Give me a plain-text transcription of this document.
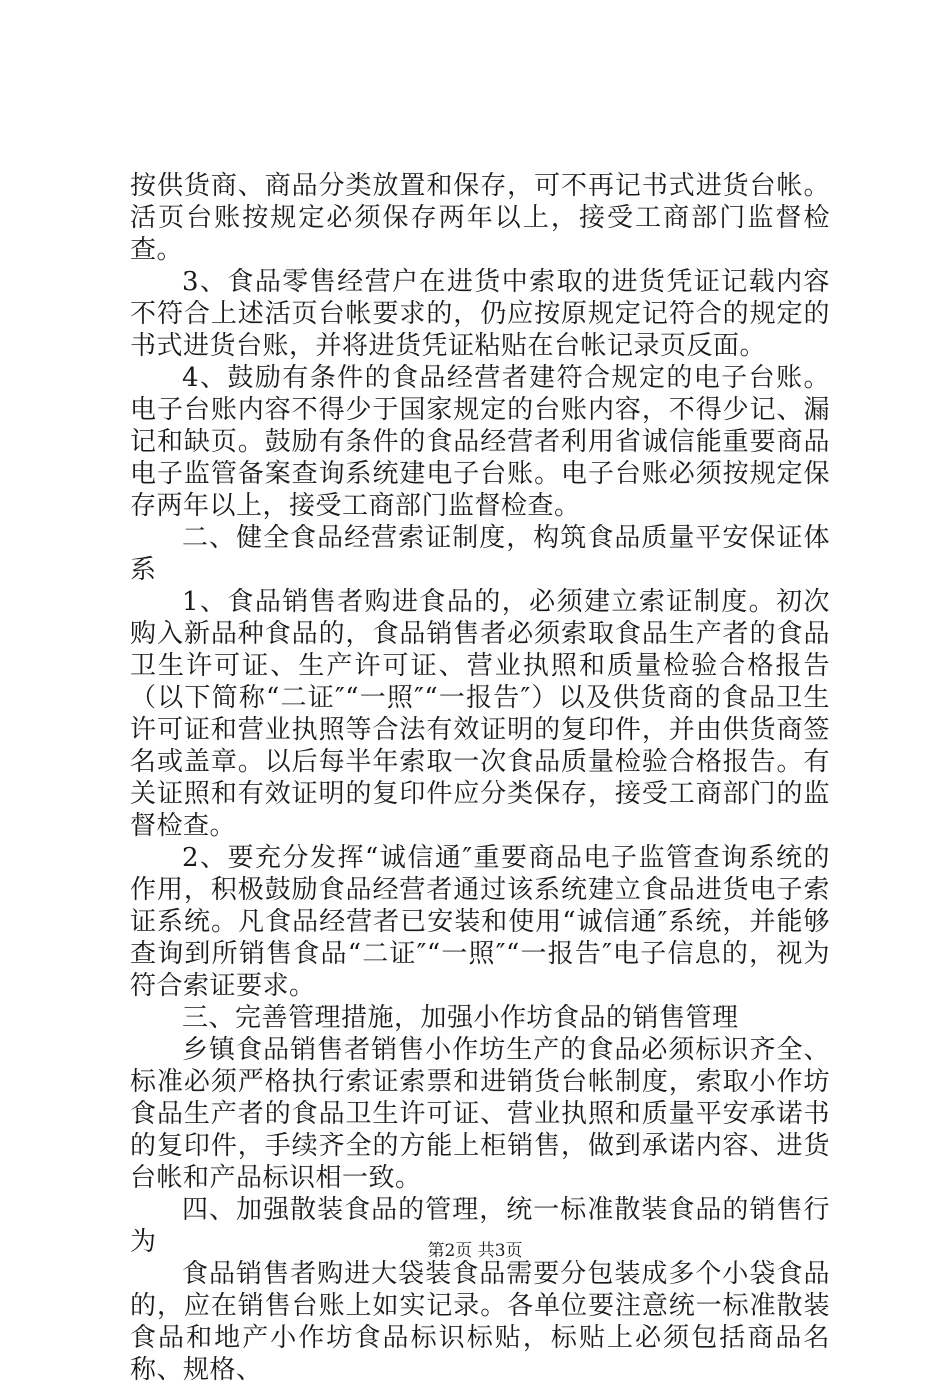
按供货商、商品分类放置和保存，可不再记书式进货台帐。活页台账按规定必须保存两年以上，接受工商部门监督检查。

3、食品零售经营户在进货中索取的进货凭证记载内容不符合上述活页台帐要求的，仍应按原规定记符合的规定的书式进货台账，并将进货凭证粘贴在台帐记录页反面。

4、鼓励有条件的食品经营者建符合规定的电子台账。电子台账内容不得少于国家规定的台账内容，不得少记、漏记和缺页。鼓励有条件的食品经营者利用省诚信能重要商品电子监管备案查询系统建电子台账。电子台账必须按规定保存两年以上，接受工商部门监督检查。

二、健全食品经营索证制度，构筑食品质量平安保证体系

1、食品销售者购进食品的，必须建立索证制度。初次购入新品种食品的，食品销售者必须索取食品生产者的食品卫生许可证、生产许可证、营业执照和质量检验合格报告（以下简称“二证″“一照″“一报告″）以及供货商的食品卫生许可证和营业执照等合法有效证明的复印件，并由供货商签名或盖章。以后每半年索取一次食品质量检验合格报告。有关证照和有效证明的复印件应分类保存，接受工商部门的监督检查。

2、要充分发挥“诚信通″重要商品电子监管查询系统的作用，积极鼓励食品经营者通过该系统建立食品进货电子索证系统。凡食品经营者已安装和使用“诚信通″系统，并能够查询到所销售食品“二证″“一照″“一报告″电子信息的，视为符合索证要求。

三、完善管理措施，加强小作坊食品的销售管理

乡镇食品销售者销售小作坊生产的食品必须标识齐全、标准必须严格执行索证索票和进销货台帐制度，索取小作坊食品生产者的食品卫生许可证、营业执照和质量平安承诺书的复印件，手续齐全的方能上柜销售，做到承诺内容、进货台帐和产品标识相一致。

四、加强散装食品的管理，统一标准散装食品的销售行为

食品销售者购进大袋装食品需要分包装成多个小袋食品的，应在销售台账上如实记录。各单位要注意统一标准散装食品和地产小作坊食品标识标贴，标贴上必须包括商品名称、规格、

第2页 共3页
